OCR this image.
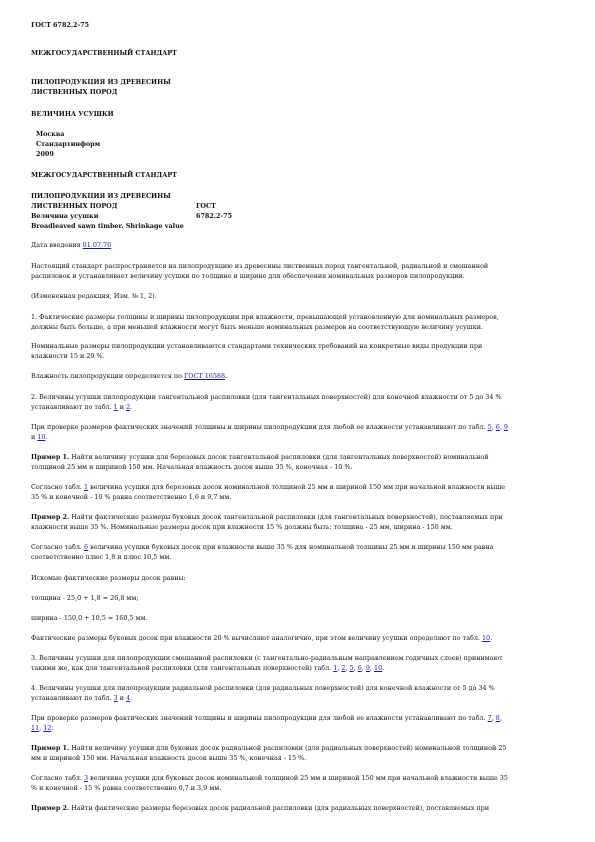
ГОСТ 6782.2-75
МЕЖГОСУДАРСТВЕННЫЙ СТАНДАРТ
ПИЛОПРОДУКЦИЯ ИЗ ДРЕВЕСИНЫ
ЛИСТВЕННЫХ ПОРОД
ВЕЛИЧИНА УСУШКИ
Москва
Стандартинформ
2009
МЕЖГОСУДАРСТВЕННЫЙ СТАНДАРТ
ПИЛОПРОДУКЦИЯ ИЗ ДРЕВЕСИНЫ
ЛИСТВЕННЫХ ПОРОД	ГОСТ
Величина усушки	6782.2-75
Broadleaved sawn timber. Shrinkage value
Дата введения 01.07.76
Настоящий стандарт распространяется на пилопродукцию из древесины лиственных пород тангентальной, радиальной и смешанной
распиловок и устанавливает величину усушки по толщине и ширине для обеспечения номинальных размеров пилопродукции.
(Измененная редакция, Изм. № 1, 2).
1. Фактические размеры толщины и ширины пилопродукции при влажности, превышающей установленную для номинальных размеров,
должны быть больше, а при меньшей влажности могут быть меньше номинальных размеров на соответствующую величину усушки.
Номинальные размеры пилопродукции устанавливаются стандартами технических требований на конкретные виды продукции при
влажности 15 и 20 %.
Влажность пилопродукции определяется по ГОСТ 16588.
2. Величины усушки пилопродукции тангентальной распиловки (для тангентальных поверхностей) для конечной влажности от 5 до 34 %
устанавливают по табл. 1 и 2.
При проверке размеров фактических значений толщины и ширины пилопродукции для любой ее влажности устанавливают по табл. 5, 6, 9
и 10.
Пример 1. Найти величину усушки для березовых досок тангентальной распиловки (для тангентальных поверхностей) номинальной
толщиной 25 мм и шириной 150 мм. Начальная влажность досок выше 35 %, конечная - 10 %.
Согласно табл. 1 величина усушки для березовых досок номинальной толщиной 25 мм и шириной 150 мм при начальной влажности выше
35 % и конечной - 10 % равна соответственно 1,6 и 9,7 мм.
Пример 2. Найти фактические размеры буковых досок тангентальной распиловки (для тангентальных поверхностей), поставляемых при
влажности выше 35 %. Номинальные размеры досок при влажности 15 % должны быть: толщина - 25 мм, ширина - 150 мм.
Согласно табл. 6 величина усушки буковых досок при влажности выше 35 % для номинальной толщины 25 мм и ширины 150 мм равна
соответственно плюс 1,8 и плюс 10,5 мм.
Искомые фактические размеры досок равны:
толщина - 25,0 + 1,8 = 26,8 мм;
ширина - 150,0 + 10,5 = 160,5 мм.
Фактические размеры буковых досок при влажности 20 % вычисляют аналогично, при этом величину усушки определяют по табл. 10.
3. Величины усушки для пилопродукции смешанной распиловки (с тангентально-радиальным направлением годичных слоев) принимают
такими же, как для тангентальной распиловки (для тангентальных поверхностей) табл. 1, 2, 5, 6, 9, 10.
4. Величины усушки для пилопродукции радиальной распиловки (для радиальных поверхностей) для конечной влажности от 5 до 34 %
устанавливают по табл. 3 и 4.
При проверке размеров фактических значений толщины и ширины пилопродукции для любой ее влажности устанавливают по табл. 7, 8,
11, 12.
Пример 1. Найти величину усушки для буковых досок радиальной распиловки (для радиальных поверхностей) номинальной толщиной 25
мм и шириной 150 мм. Начальная влажность досок выше 35 %, конечная - 15 %.
Согласно табл. 3 величина усушки для буковых досок номинальной толщиной 25 мм и шириной 150 мм при начальной влажности выше 35
% и конечной - 15 % равна соответственно 0,7 и 3,9 мм.
Пример 2. Найти фактические размеры березовых досок радиальной распиловки (для радиальных поверхностей), поставляемых при
